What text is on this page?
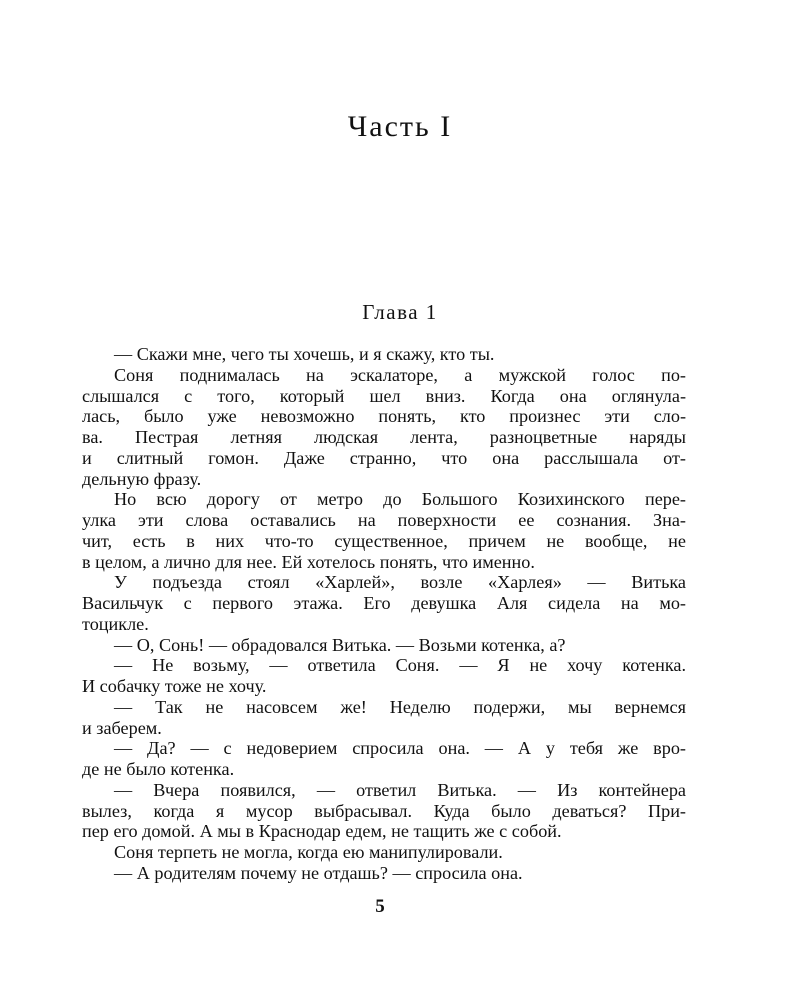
Часть I
Глава 1
— Скажи мне, чего ты хочешь, и я скажу, кто ты.
Соня поднималась на эскалаторе, а мужской голос по-
слышался с того, который шел вниз. Когда она оглянула-
лась, было уже невозможно понять, кто произнес эти сло-
ва. Пестрая летняя людская лента, разноцветные наряды
и слитный гомон. Даже странно, что она расслышала от-
дельную фразу.
Но всю дорогу от метро до Большого Козихинского пере-
улка эти слова оставались на поверхности ее сознания. Зна-
чит, есть в них что-то существенное, причем не вообще, не
в целом, а лично для нее. Ей хотелось понять, что именно.
У подъезда стоял «Харлей», возле «Харлея» — Витька
Васильчук с первого этажа. Его девушка Аля сидела на мо-
тоцикле.
— О, Сонь! — обрадовался Витька. — Возьми котенка, а?
— Не возьму, — ответила Соня. — Я не хочу котенка.
И собачку тоже не хочу.
— Так не насовсем же! Неделю подержи, мы вернемся
и заберем.
— Да? — с недоверием спросила она. — А у тебя же вро-
де не было котенка.
— Вчера появился, — ответил Витька. — Из контейнера
вылез, когда я мусор выбрасывал. Куда было деваться? При-
пер его домой. А мы в Краснодар едем, не тащить же с собой.
Соня терпеть не могла, когда ею манипулировали.
— А родителям почему не отдашь? — спросила она.
5
